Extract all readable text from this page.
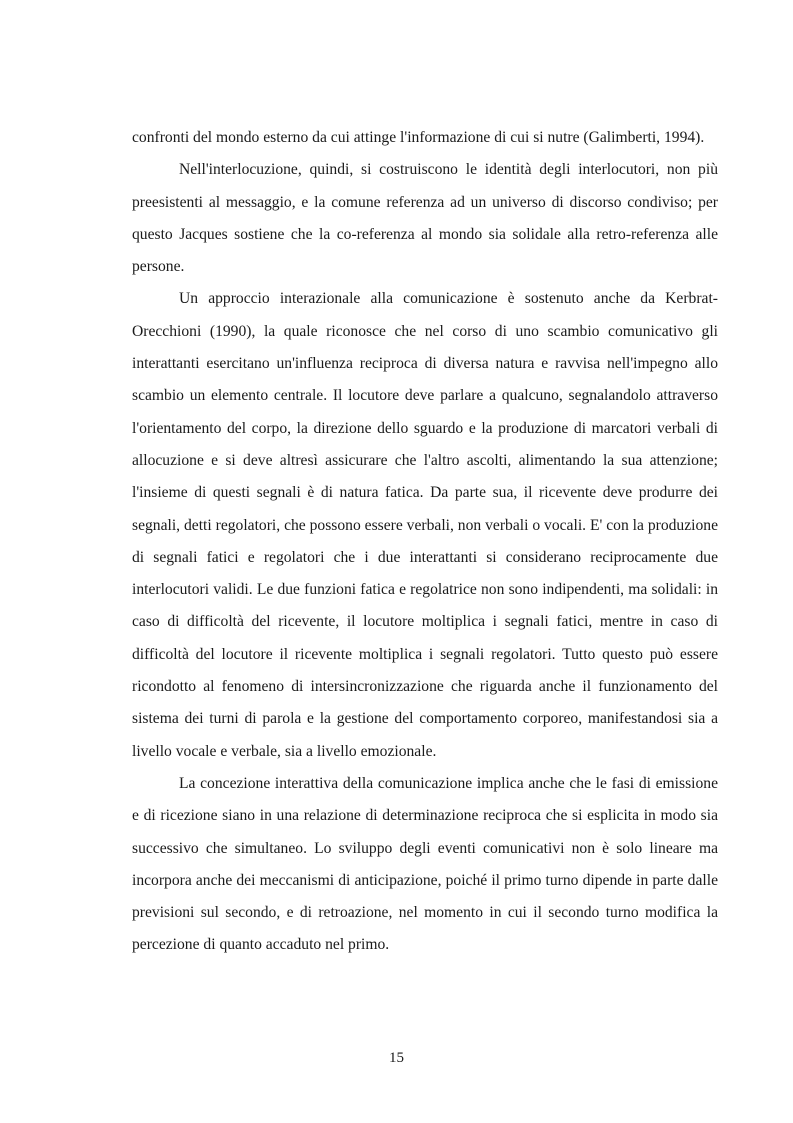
confronti del mondo esterno da cui attinge l'informazione di cui si nutre (Galimberti, 1994).

Nell'interlocuzione, quindi, si costruiscono le identità degli interlocutori, non più preesistenti al messaggio, e la comune referenza ad un universo di discorso condiviso; per questo Jacques sostiene che la co-referenza al mondo sia solidale alla retro-referenza alle persone.

Un approccio interazionale alla comunicazione è sostenuto anche da Kerbrat-Orecchioni (1990), la quale riconosce che nel corso di uno scambio comunicativo gli interattanti esercitano un'influenza reciproca di diversa natura e ravvisa nell'impegno allo scambio un elemento centrale. Il locutore deve parlare a qualcuno, segnalandolo attraverso l'orientamento del corpo, la direzione dello sguardo e la produzione di marcatori verbali di allocuzione e si deve altresì assicurare che l'altro ascolti, alimentando la sua attenzione; l'insieme di questi segnali è di natura fatica. Da parte sua, il ricevente deve produrre dei segnali, detti regolatori, che possono essere verbali, non verbali o vocali. E' con la produzione di segnali fatici e regolatori che i due interattanti si considerano reciprocamente due interlocutori validi. Le due funzioni fatica e regolatrice non sono indipendenti, ma solidali: in caso di difficoltà del ricevente, il locutore moltiplica i segnali fatici, mentre in caso di difficoltà del locutore il ricevente moltiplica i segnali regolatori. Tutto questo può essere ricondotto al fenomeno di intersincronizzazione che riguarda anche il funzionamento del sistema dei turni di parola e la gestione del comportamento corporeo, manifestandosi sia a livello vocale e verbale, sia a livello emozionale.

La concezione interattiva della comunicazione implica anche che le fasi di emissione e di ricezione siano in una relazione di determinazione reciproca che si esplicita in modo sia successivo che simultaneo. Lo sviluppo degli eventi comunicativi non è solo lineare ma incorpora anche dei meccanismi di anticipazione, poiché il primo turno dipende in parte dalle previsioni sul secondo, e di retroazione, nel momento in cui il secondo turno modifica la percezione di quanto accaduto nel primo.

15
